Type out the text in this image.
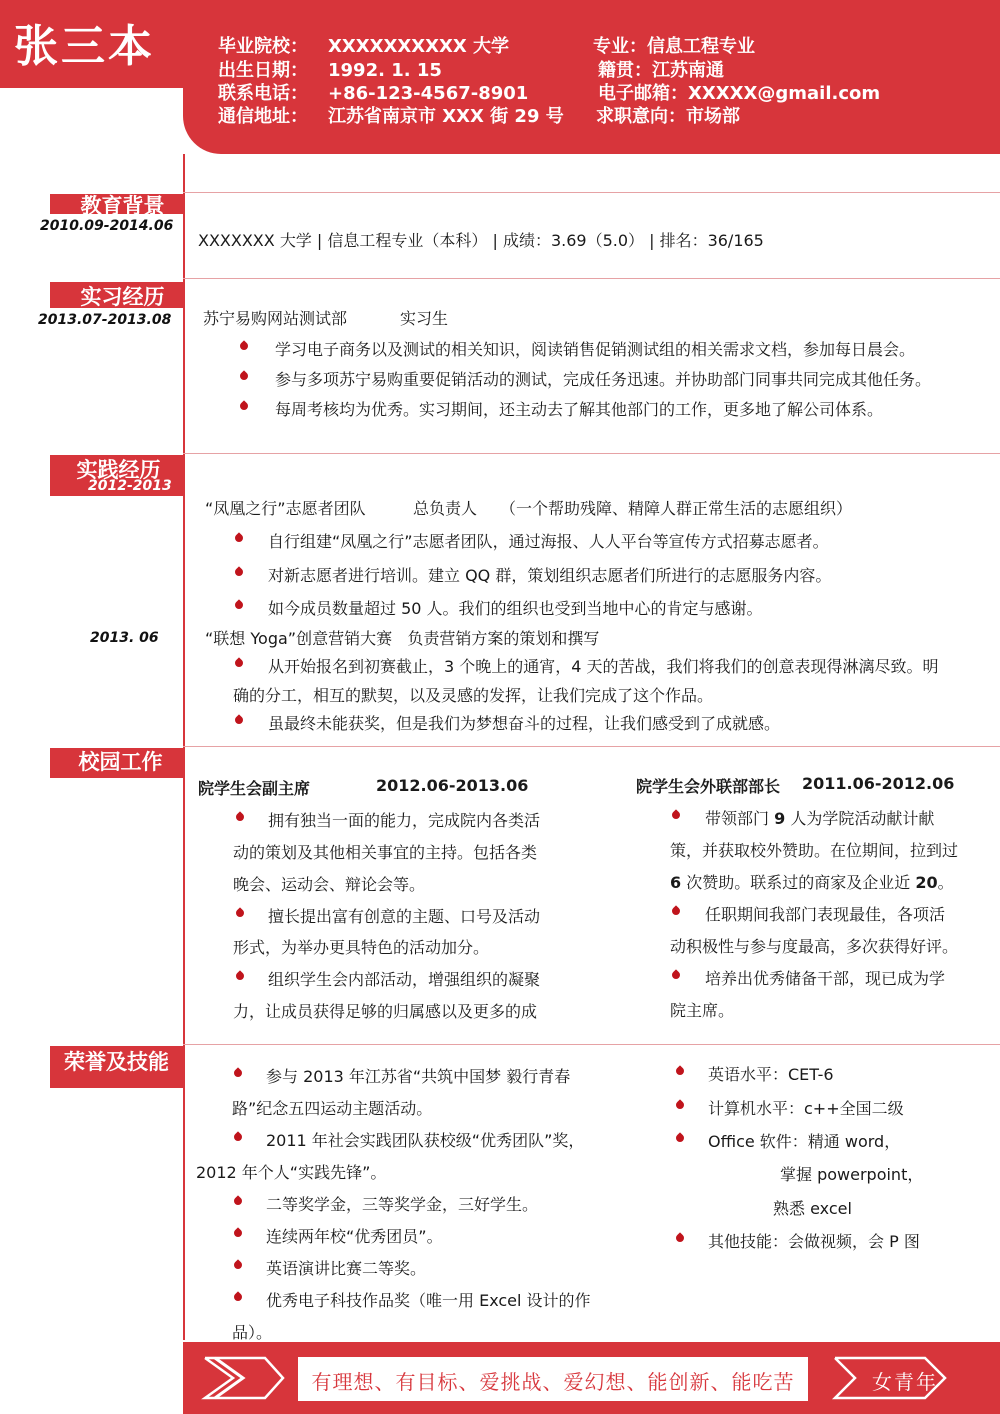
张三本	毕业院校： XXXXXXXXXX 大学
出生日期： 1992. 1. 15
联系电话： +86-123-4567-8901
通信地址： 江苏省南京市 XXX 街 29 号
专业：信息工程专业
籍贯：江苏南通
电子邮箱：XXXXX@gmail.com
求职意向：市场部
教育背景
2010.09-2014.06
XXXXXXX 大学 | 信息工程专业（本科） | 成绩：3.69（5.0） | 排名：36/165
实习经历
2013.07-2013.08 苏宁易购网站测试部	实习生
学习电子商务以及测试的相关知识，阅读销售促销测试组的相关需求文档，参加每日晨会。
参与多项苏宁易购重要促销活动的测试，完成任务迅速。并协助部门同事共同完成其他任务。
每周考核均为优秀。实习期间，还主动去了解其他部门的工作，更多地了解公司体系。
实践经历
2012-2013
“凤凰之行”志愿者团队	总负责人 （一个帮助残障、精障人群正常生活的志愿组织）
自行组建“凤凰之行”志愿者团队，通过海报、人人平台等宣传方式招募志愿者。
对新志愿者进行培训。建立 QQ 群，策划组织志愿者们所进行的志愿服务内容。
如今成员数量超过 50 人。我们的组织也受到当地中心的肯定与感谢。
2013. 06	“联想 Yoga”创意营销大赛   负责营销方案的策划和撰写
从开始报名到初赛截止，3 个晚上的通宵，4 天的苦战，我们将我们的创意表现得淋漓尽致。明
确的分工，相互的默契，以及灵感的发挥，让我们完成了这个作品。
虽最终未能获奖，但是我们为梦想奋斗的过程，让我们感受到了成就感。
校园工作
院学生会副主席	2012.06-2013.06
拥有独当一面的能力，完成院内各类活
动的策划及其他相关事宜的主持。包括各类
晚会、运动会、辩论会等。
擅长提出富有创意的主题、口号及活动
形式，为举办更具特色的活动加分。
组织学生会内部活动，增强组织的凝聚
力，让成员获得足够的归属感以及更多的成
院学生会外联部部长 2011.06-2012.06
带领部门 9 人为学院活动献计献
策，并获取校外赞助。在位期间，拉到过
6 次赞助。联系过的商家及企业近 20。
任职期间我部门表现最佳，各项活
动积极性与参与度最高，多次获得好评。
培养出优秀储备干部，现已成为学
院主席。
荣誉及技能
参与 2013 年江苏省“共筑中国梦 毅行青春
路”纪念五四运动主题活动。
2011 年社会实践团队获校级“优秀团队”奖，
2012 年个人“实践先锋”。
二等奖学金，三等奖学金，三好学生。
连续两年校“优秀团员”。
英语演讲比赛二等奖。
优秀电子科技作品奖（唯一用 Excel 设计的作
品）。
英语水平：CET-6
计算机水平：c++全国二级
Office 软件：精通 word，
掌握 powerpoint，
熟悉 excel
其他技能：会做视频，会 P 图
有理想、有目标、爱挑战、爱幻想、能创新、能吃苦	女青年
